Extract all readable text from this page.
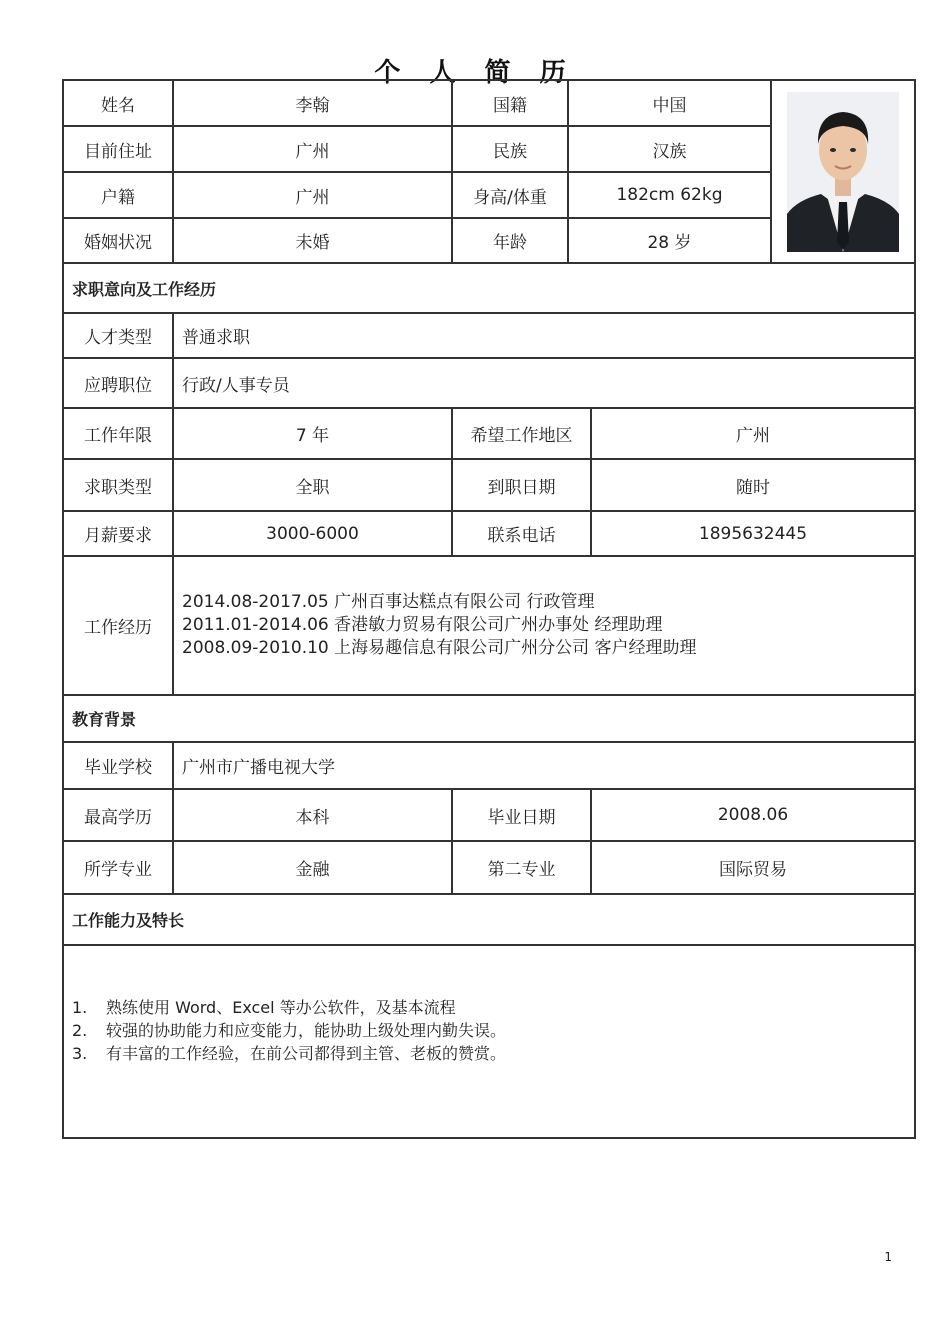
个 人 简 历
姓名	李翰	国籍	中国
目前住址	广州	民族	汉族
户籍	广州	身高/体重	182cm 62kg
婚姻状况	未婚	年龄	28 岁
求职意向及工作经历
人才类型	普通求职
应聘职位	行政/人事专员
工作年限	7 年	希望工作地区	广州
求职类型	全职	到职日期	随时
月薪要求	3000-6000	联系电话	1895632445
工作经历
2014.08-2017.05 广州百事达糕点有限公司 行政管理
2011.01-2014.06 香港敏力贸易有限公司广州办事处 经理助理
2008.09-2010.10 上海易趣信息有限公司广州分公司 客户经理助理
教育背景
毕业学校	广州市广播电视大学
最高学历	本科	毕业日期	2008.06
所学专业	金融	第二专业	国际贸易
工作能力及特长
1.	熟练使用 Word、Excel 等办公软件，及基本流程
2.	较强的协助能力和应变能力，能协助上级处理内勤失误。
3.	有丰富的工作经验，在前公司都得到主管、老板的赞赏。
1
